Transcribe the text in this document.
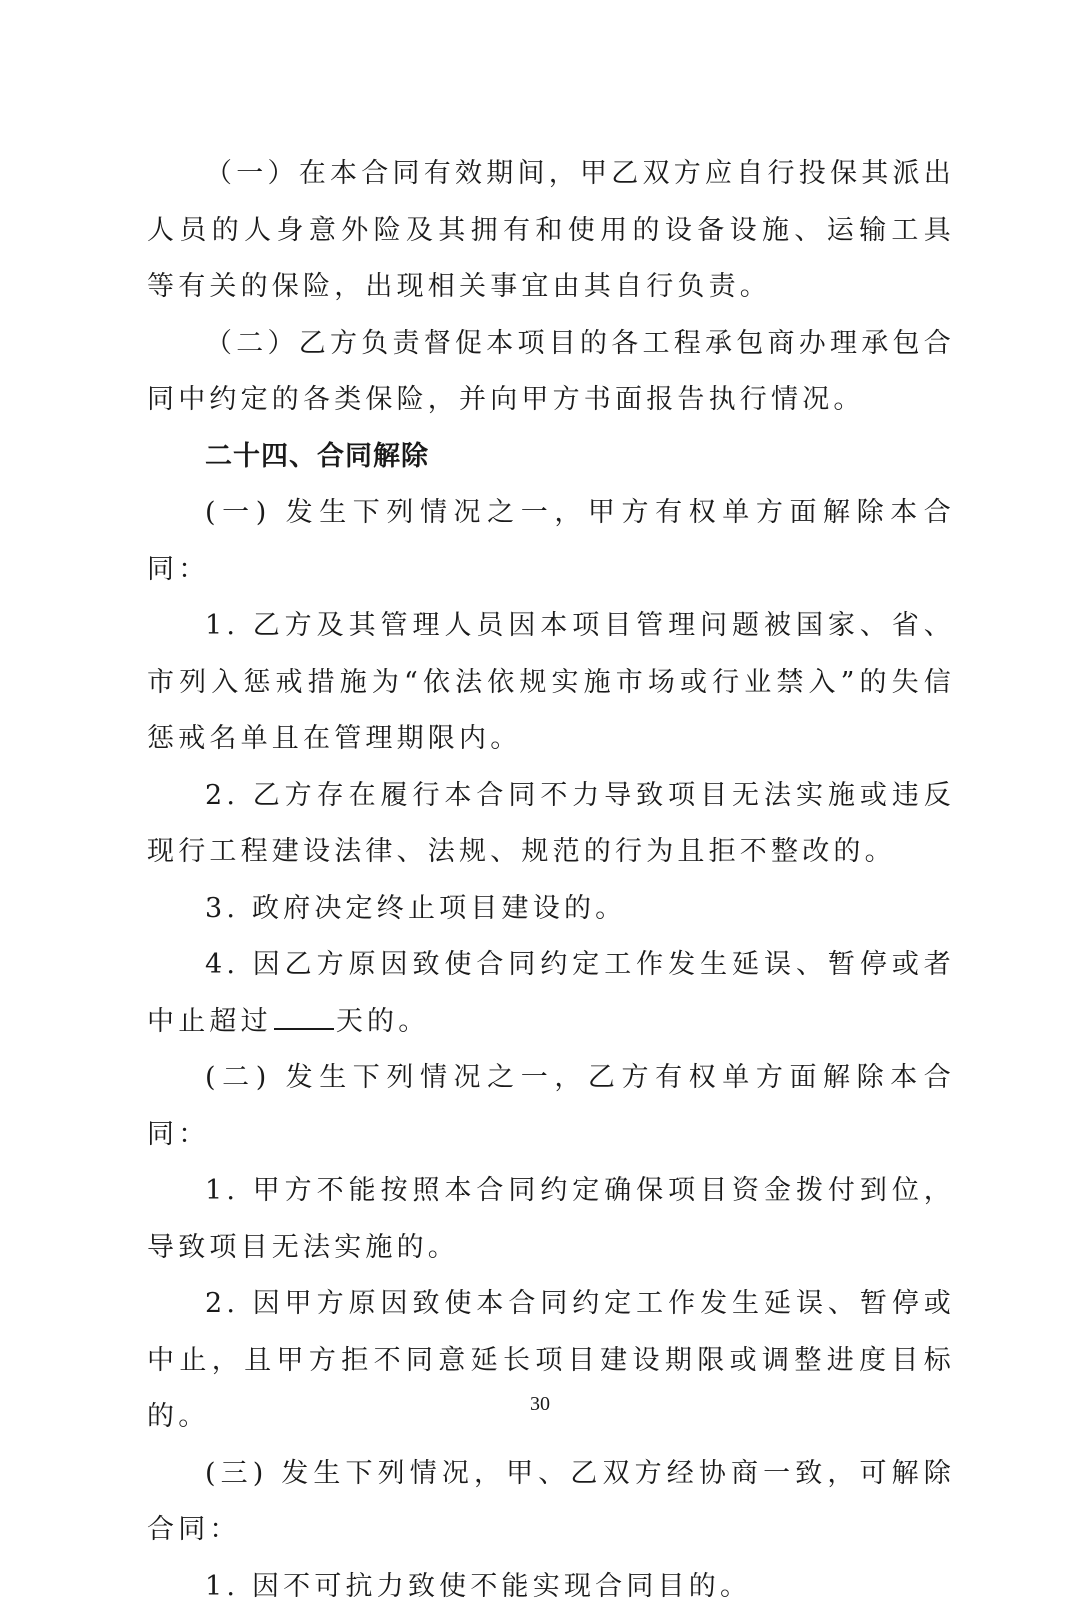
（一）在本合同有效期间，甲乙双方应自行投保其派出人员的人身意外险及其拥有和使用的设备设施、运输工具等有关的保险，出现相关事宜由其自行负责。

（二）乙方负责督促本项目的各工程承包商办理承包合同中约定的各类保险，并向甲方书面报告执行情况。

二十四、合同解除

(一) 发生下列情况之一，甲方有权单方面解除本合同：

1. 乙方及其管理人员因本项目管理问题被国家、省、市列入惩戒措施为“依法依规实施市场或行业禁入”的失信惩戒名单且在管理期限内。

2. 乙方存在履行本合同不力导致项目无法实施或违反现行工程建设法律、法规、规范的行为且拒不整改的。

3. 政府决定终止项目建设的。

4. 因乙方原因致使合同约定工作发生延误、暂停或者中止超过 天的。

(二) 发生下列情况之一，乙方有权单方面解除本合同：

1. 甲方不能按照本合同约定确保项目资金拨付到位，导致项目无法实施的。

2. 因甲方原因致使本合同约定工作发生延误、暂停或中止，且甲方拒不同意延长项目建设期限或调整进度目标的。

(三) 发生下列情况，甲、乙双方经协商一致，可解除合同：

1. 因不可抗力致使不能实现合同目的。

30
